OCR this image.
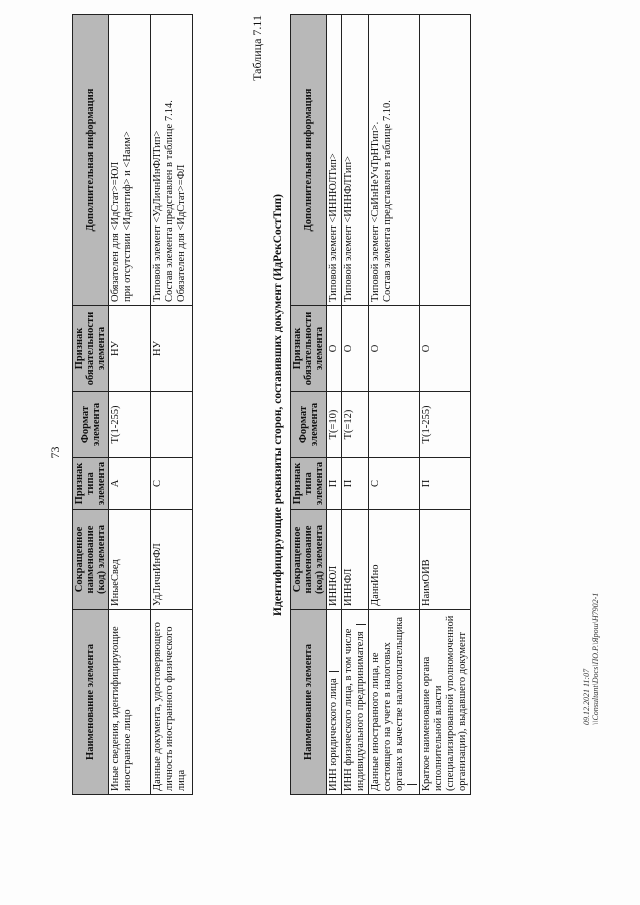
73
Наименование элемента	Сокращенное наименование (код) элемента	Признак типа элемента	Формат элемента	Признак обязательности элемента	Дополнительная информация
Иные сведения, идентифицирующие иностранное лицо	ИныеСвед	А	T(1-255)	НУ	Обязателен для <ИдСтат>=ЮЛ при отсутствии <Идентиф> и <Наим>

Данные документа, удостоверяющего личность иностранного физического лица	УдЛичнИнФЛ	С		НУ	Типовой элемент <УдЛичнИнФЛТип> Состав элемента представлен в таблице 7.14. Обязателен для <ИдСтат>=ФЛ
Таблица 7.11
Идентифицирующие реквизиты сторон, составивших документ (ИдРекСостТип)
Наименование элемента	Сокращенное наименование (код) элемента	Признак типа элемента	Формат элемента	Признак обязательности элемента	Дополнительная информация
ИНН юридического лица	ИННЮЛ	П	T(=10)	О	Типовой элемент <ИННЮЛТип>
ИНН физического лица, в том числе индивидуального предпринимателя	ИННФЛ	П	T(=12)	О	Типовой элемент <ИННФЛТип>
Данные иностранного лица, не состоящего на учете в налоговых органах в качестве налогоплательщика	ДаннИно	С		О	Типовой элемент <СвИнНеУчТрНТип>. Состав элемента представлен в таблице 7.10.

Краткое наименование органа исполнительной власти (специализированной уполномоченной организации), выдавшего документ	НаимОИВ	П	T(1-255)	О	
09.12.2021 11:07 \\Consultant\Docs\ПО.Р.\Ярош\Н7902-1
